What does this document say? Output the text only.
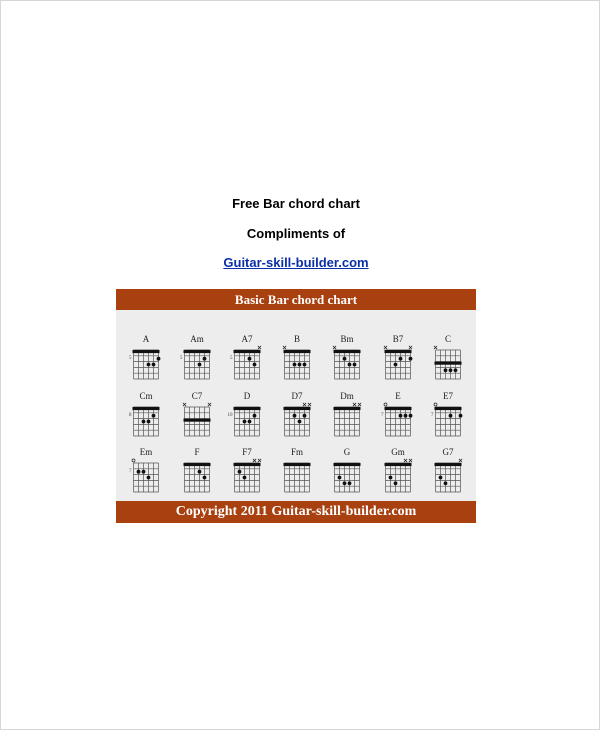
Free Bar chord chart
Compliments of
Guitar-skill-builder.com
Basic Bar chord chart
A
5
Am
5
A7
5
B	Bm	B7	C
Cm
8
C7	D
10
D7	Dm	E
7
E7
7
Em
7
F	F7	Fm	G	Gm	G7
Copyright 2011 Guitar-skill-builder.com
